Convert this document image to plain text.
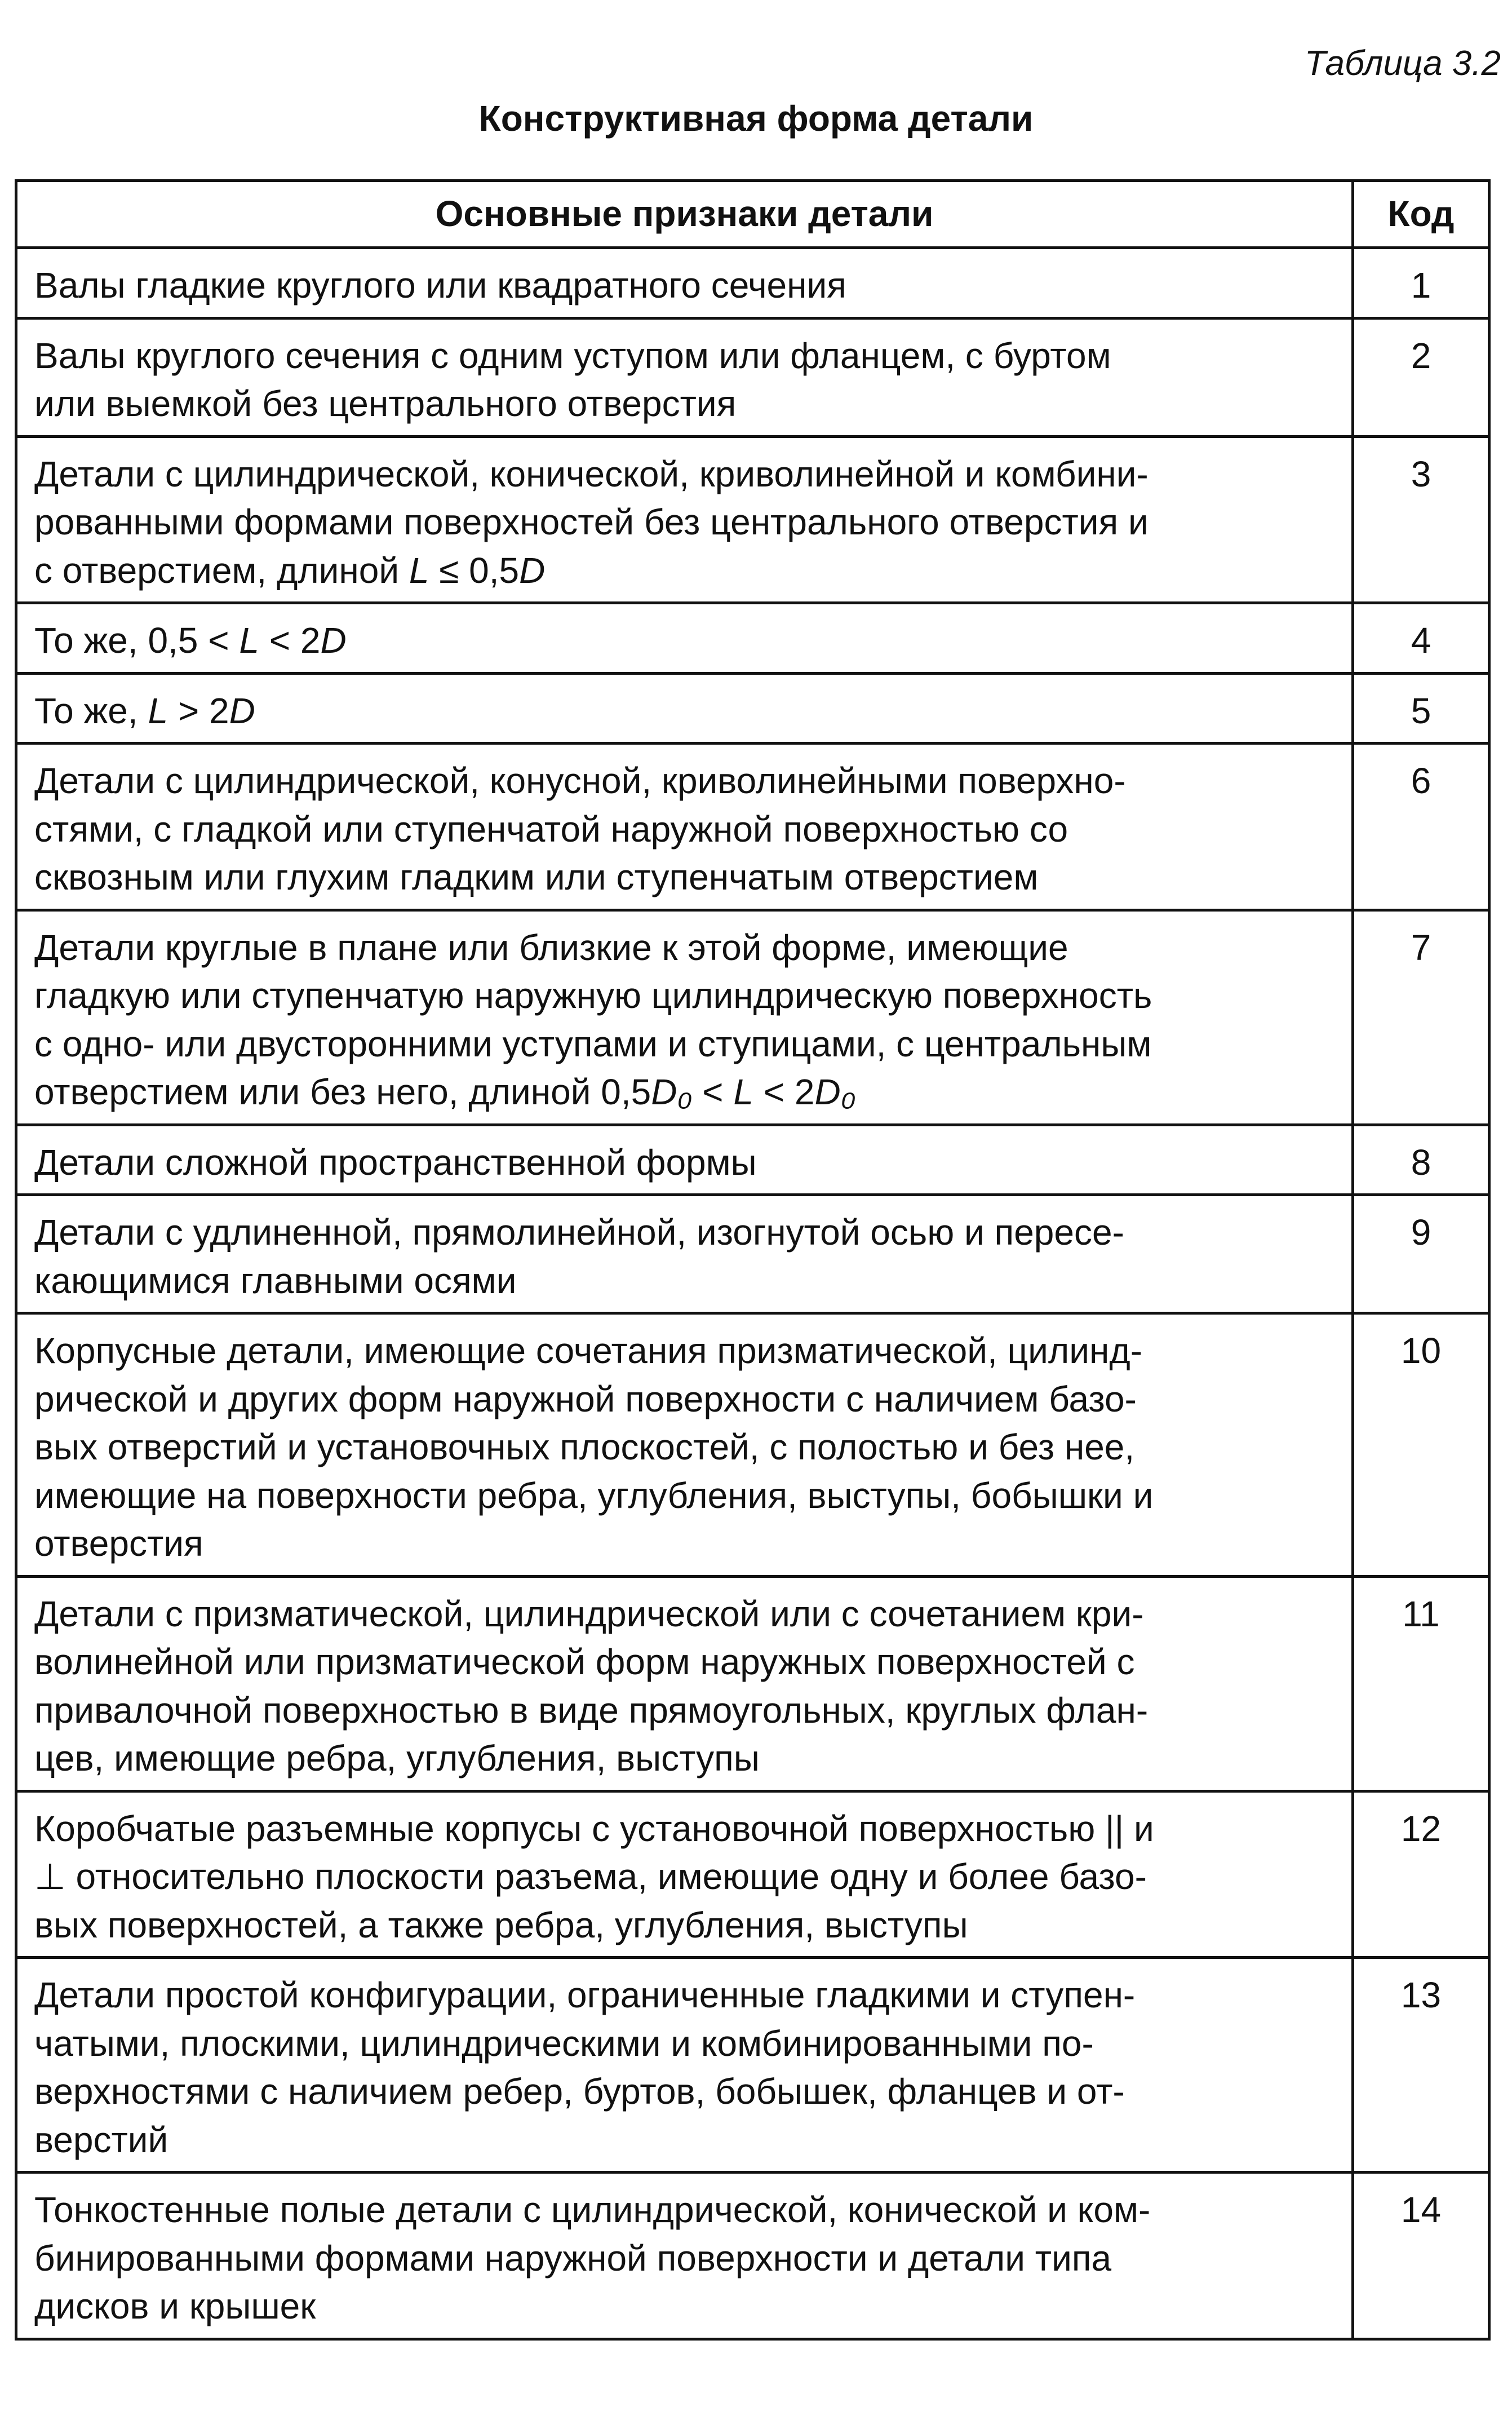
Таблица 3.2
Конструктивная форма детали
Основные признаки детали	Код

Валы гладкие круглого или квадратного сечения	1

Валы круглого сечения с одним уступом или фланцем, с буртом
или выемкой без центрального отверстия	2

Детали с цилиндрической, конической, криволинейной и комбини-
рованными формами поверхностей без центрального отверстия и
с отверстием, длиной L ≤ 0,5D	3

То же, 0,5 < L < 2D	4

То же, L > 2D	5

Детали с цилиндрической, конусной, криволинейными поверхно-
стями, с гладкой или ступенчатой наружной поверхностью со
сквозным или глухим гладким или ступенчатым отверстием	6

Детали круглые в плане или близкие к этой форме, имеющие
гладкую или ступенчатую наружную цилиндрическую поверхность
с одно- или двусторонними уступами и ступицами, с центральным
отверстием или без него, длиной 0,5D₀ < L < 2D₀	7

Детали сложной пространственной формы	8

Детали с удлиненной, прямолинейной, изогнутой осью и пересе-
кающимися главными осями	9

Корпусные детали, имеющие сочетания призматической, цилинд-
рической и других форм наружной поверхности с наличием базо-
вых отверстий и установочных плоскостей, с полостью и без нее,
имеющие на поверхности ребра, углубления, выступы, бобышки и
отверстия	10

Детали с призматической, цилиндрической или с сочетанием кри-
волинейной или призматической форм наружных поверхностей с
привалочной поверхностью в виде прямоугольных, круглых флан-
цев, имеющие ребра, углубления, выступы	11

Коробчатые разъемные корпусы с установочной поверхностью || и
⊥ относительно плоскости разъема, имеющие одну и более базо-
вых поверхностей, а также ребра, углубления, выступы	12

Детали простой конфигурации, ограниченные гладкими и ступен-
чатыми, плоскими, цилиндрическими и комбинированными по-
верхностями с наличием ребер, буртов, бобышек, фланцев и от-
верстий	13

Тонкостенные полые детали с цилиндрической, конической и ком-
бинированными формами наружной поверхности и детали типа
дисков и крышек	14
